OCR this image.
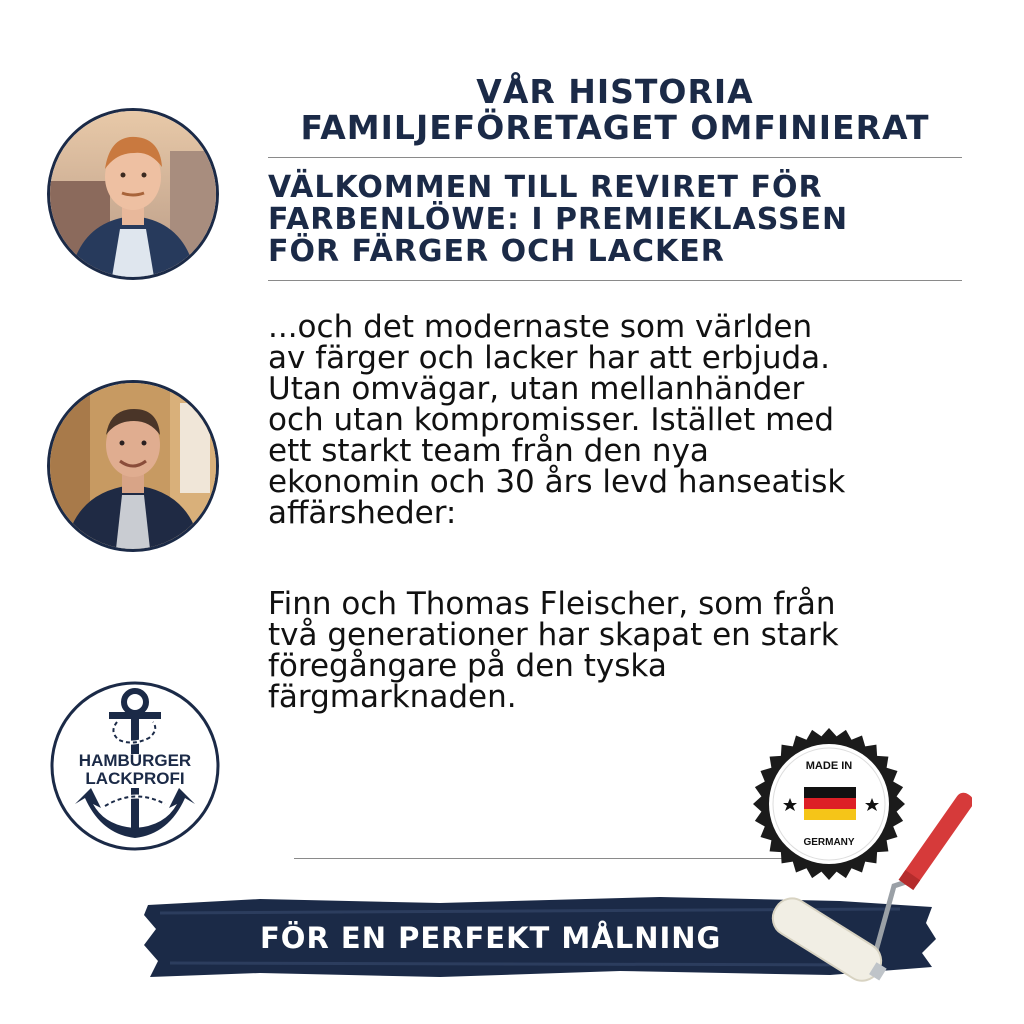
VÅR HISTORIA
FAMILJEFÖRETAGET OMFINIERAT
VÄLKOMMEN TILL REVIRET FÖR
FARBENLÖWE: I PREMIEKLASSEN
FÖR FÄRGER OCH LACKER
...och det modernaste som världen
av färger och lacker har att erbjuda.
Utan omvägar, utan mellanhänder
och utan kompromisser. Istället med
ett starkt team från den nya
ekonomin och 30 års levd hanseatisk
affärsheder:
Finn och Thomas Fleischer, som från
två generationer har skapat en stark
föregångare på den tyska
färgmarknaden.
HAMBURGER
LACKPROFI
MADE IN
GERMANY
FÖR EN PERFEKT MÅLNING
